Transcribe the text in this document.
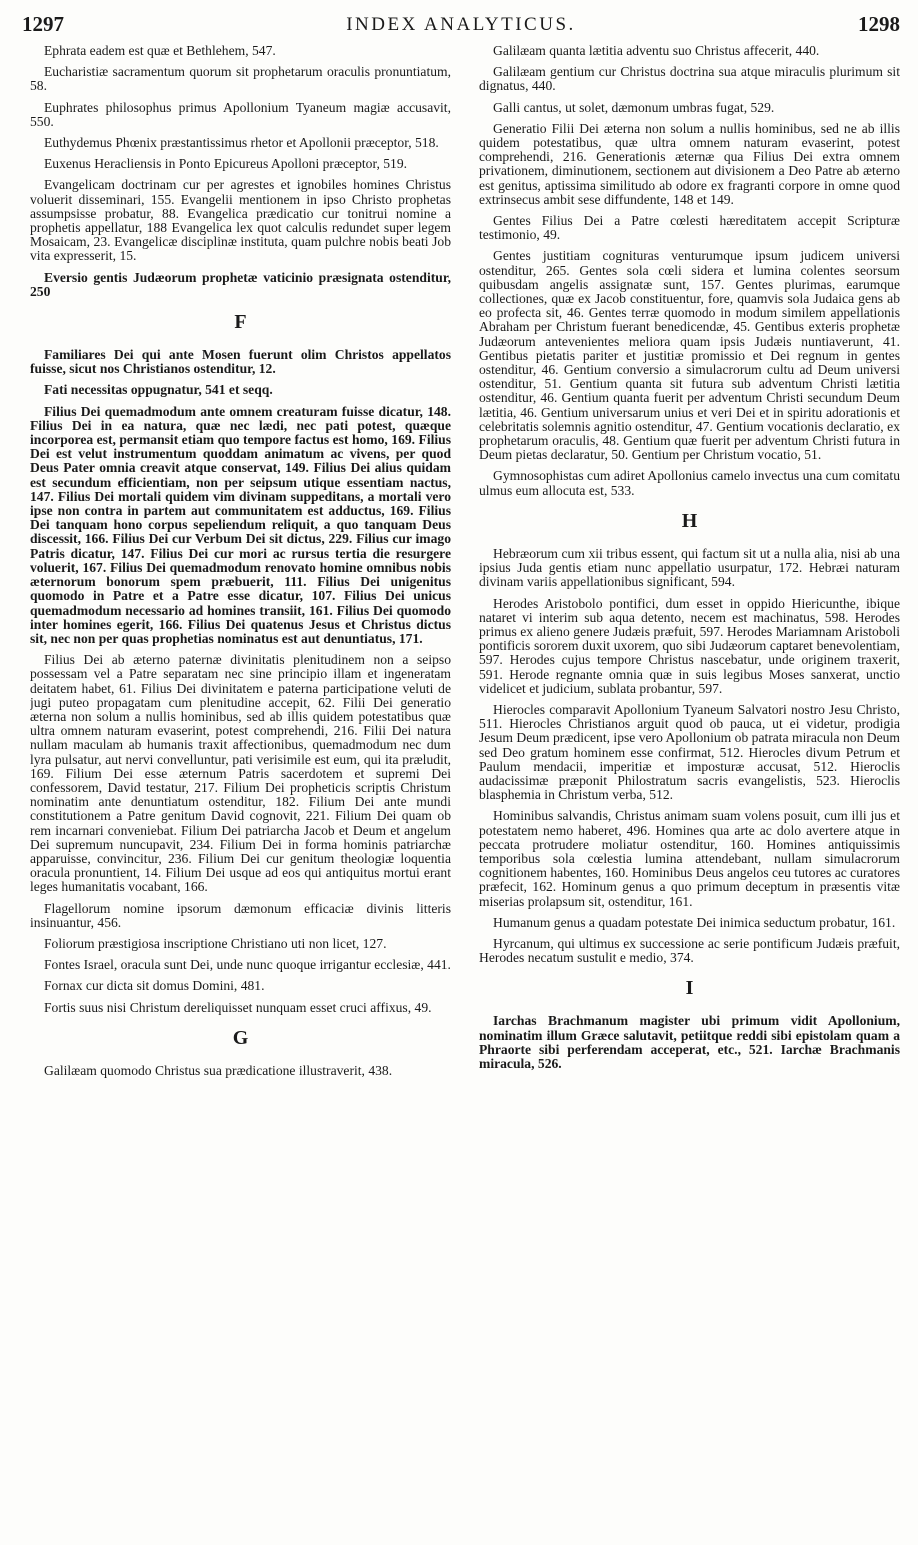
1297	INDEX ANALYTICUS.	1298

Ephrata eadem est quæ et Bethlehem, 547.

Eucharistiæ sacramentum quorum sit prophetarum oraculis pronuntiatum, 58.

Euphrates philosophus primus Apollonium Tyaneum magiæ accusavit, 550.

Euthydemus Phœnix præstantissimus rhetor et Apollonii præceptor, 518.

Euxenus Heracliensis in Ponto Epicureus Apolloni præceptor, 519.

Evangelicam doctrinam cur per agrestes et ignobiles homines Christus voluerit disseminari, 155. Evangelii mentionem in ipso Christo prophetas assumpsisse probatur, 88. Evangelica prædicatio cur tonitrui nomine a prophetis appellatur, 188 Evangelica lex quot calculis redundet super legem Mosaicam, 23. Evangelicæ disciplinæ instituta, quam pulchre nobis beati Job vita expresserit, 15.

Eversio gentis Judæorum prophetæ vaticinio præsignata ostenditur, 250

F

Familiares Dei qui ante Mosen fuerunt olim Christos appellatos fuisse, sicut nos Christianos ostenditur, 12.

Fati necessitas oppugnatur, 541 et seqq.

Filius Dei quemadmodum ante omnem creaturam fuisse dicatur, 148. Filius Dei in ea natura, quæ nec lædi, nec pati potest, quæque incorporea est, permansit etiam quo tempore factus est homo, 169. Filius Dei est velut instrumentum quoddam animatum ac vivens, per quod Deus Pater omnia creavit atque conservat, 149. Filius Dei alius quidam est secundum efficientiam, non per seipsum utique essentiam nactus, 147. Filius Dei mortali quidem vim divinam suppeditans, a mortali vero ipse non contra in partem aut communitatem est adductus, 169. Filius Dei tanquam hono corpus sepeliendum reliquit, a quo tanquam Deus discessit, 166. Filius Dei cur Verbum Dei sit dictus, 229. Filius cur imago Patris dicatur, 147. Filius Dei cur mori ac rursus tertia die resurgere voluerit, 167. Filius Dei quemadmodum renovato homine omnibus nobis æternorum bonorum spem præbuerit, 111. Filius Dei unigenitus quomodo in Patre et a Patre esse dicatur, 107. Filius Dei unicus quemadmodum necessario ad homines transiit, 161. Filius Dei quomodo inter homines egerit, 166. Filius Dei quatenus Jesus et Christus dictus sit, nec non per quas prophetias nominatus est aut denuntiatus, 171.

Filius Dei ab æterno paternæ divinitatis plenitudinem non a seipso possessam vel a Patre separatam nec sine principio illam et ingeneratam deitatem habet, 61. Filius Dei divinitatem e paterna participatione veluti de jugi puteo propagatam cum plenitudine accepit, 62. Filii Dei generatio æterna non solum a nullis hominibus, sed ab illis quidem potestatibus quæ ultra omnem naturam evaserint, potest comprehendi, 216. Filii Dei natura nullam maculam ab humanis traxit affectionibus, quemadmodum nec dum lyra pulsatur, aut nervi convelluntur, pati verisimile est eum, qui ita præludit, 169. Filium Dei esse æternum Patris sacerdotem et supremi Dei confessorem, David testatur, 217. Filium Dei propheticis scriptis Christum nominatim ante denuntiatum ostenditur, 182. Filium Dei ante mundi constitutionem a Patre genitum David cognovit, 221. Filium Dei quam ob rem incarnari conveniebat. Filium Dei patriarcha Jacob et Deum et angelum Dei supremum nuncupavit, 234. Filium Dei in forma hominis patriarchæ apparuisse, convincitur, 236. Filium Dei cur genitum theologiæ loquentia oracula pronuntient, 14. Filium Dei usque ad eos qui antiquitus mortui erant leges humanitatis vocabant, 166.

Flagellorum nomine ipsorum dæmonum efficaciæ divinis litteris insinuantur, 456.

Foliorum præstigiosa inscriptione Christiano uti non licet, 127.

Fontes Israel, oracula sunt Dei, unde nunc quoque irrigantur ecclesiæ, 441.

Fornax cur dicta sit domus Domini, 481.

Fortis suus nisi Christum dereliquisset nunquam esset cruci affixus, 49.

G

Galilæam quomodo Christus sua prædicatione illustraverit, 438.

Galilæam quanta lætitia adventu suo Christus affecerit, 440.

Galilæam gentium cur Christus doctrina sua atque miraculis plurimum sit dignatus, 440.

Galli cantus, ut solet, dæmonum umbras fugat, 529.

Generatio Filii Dei æterna non solum a nullis hominibus, sed ne ab illis quidem potestatibus, quæ ultra omnem naturam evaserint, potest comprehendi, 216. Generationis æternæ qua Filius Dei extra omnem privationem, diminutionem, sectionem aut divisionem a Deo Patre ab æterno est genitus, aptissima similitudo ab odore ex fragranti corpore in omne quod extrinsecus ambit sese diffundente, 148 et 149.

Gentes Filius Dei a Patre cœlesti hæreditatem accepit Scripturæ testimonio, 49.

Gentes justitiam cognituras venturumque ipsum judicem universi ostenditur, 265. Gentes sola cœli sidera et lumina colentes seorsum quibusdam angelis assignatæ sunt, 157. Gentes plurimas, earumque collectiones, quæ ex Jacob constituentur, fore, quamvis sola Judaica gens ab eo profecta sit, 46. Gentes terræ quomodo in modum similem appellationis Abraham per Christum fuerant benedicendæ, 45. Gentibus exteris prophetæ Judæorum antevenientes meliora quam ipsis Judæis nuntiaverunt, 41. Gentibus pietatis pariter et justitiæ promissio et Dei regnum in gentes ostenditur, 46. Gentium conversio a simulacrorum cultu ad Deum universi ostenditur, 51. Gentium quanta sit futura sub adventum Christi lætitia ostenditur, 46. Gentium quanta fuerit per adventum Christi secundum Deum lætitia, 46. Gentium universarum unius et veri Dei et in spiritu adorationis et celebritatis solemnis agnitio ostenditur, 47. Gentium vocationis declaratio, ex prophetarum oraculis, 48. Gentium quæ fuerit per adventum Christi futura in Deum pietas declaratur, 50. Gentium per Christum vocatio, 51.

Gymnosophistas cum adiret Apollonius camelo invectus una cum comitatu ulmus eum allocuta est, 533.

H

Hebræorum cum xii tribus essent, qui factum sit ut a nulla alia, nisi ab una ipsius Juda gentis etiam nunc appellatio usurpatur, 172. Hebræi naturam divinam variis appellationibus significant, 594.

Herodes Aristobolo pontifici, dum esset in oppido Hiericunthe, ibique nataret vi interim sub aqua detento, necem est machinatus, 598. Herodes primus ex alieno genere Judæis præfuit, 597. Herodes Mariamnam Aristoboli pontificis sororem duxit uxorem, quo sibi Judæorum captaret benevolentiam, 597. Herodes cujus tempore Christus nascebatur, unde originem traxerit, 591. Herode regnante omnia quæ in suis legibus Moses sanxerat, unctio videlicet et judicium, sublata probantur, 597.

Hierocles comparavit Apollonium Tyaneum Salvatori nostro Jesu Christo, 511. Hierocles Christianos arguit quod ob pauca, ut ei videtur, prodigia Jesum Deum prædicent, ipse vero Apollonium ob patrata miracula non Deum sed Deo gratum hominem esse confirmat, 512. Hierocles divum Petrum et Paulum mendacii, imperitiæ et imposturæ accusat, 512. Hieroclis audacissimæ præponit Philostratum sacris evangelistis, 523. Hieroclis blasphemia in Christum verba, 512.

Hominibus salvandis, Christus animam suam volens posuit, cum illi jus et potestatem nemo haberet, 496. Homines qua arte ac dolo avertere atque in peccata protrudere moliatur ostenditur, 160. Homines antiquissimis temporibus sola cœlestia lumina attendebant, nullam simulacrorum cognitionem habentes, 160. Hominibus Deus angelos ceu tutores ac curatores præfecit, 162. Hominum genus a quo primum deceptum in præsentis vitæ miserias prolapsum sit, ostenditur, 161.

Humanum genus a quadam potestate Dei inimica seductum probatur, 161.

Hyrcanum, qui ultimus ex successione ac serie pontificum Judæis præfuit, Herodes necatum sustulit e medio, 374.

I

Iarchas Brachmanum magister ubi primum vidit Apollonium, nominatim illum Græce salutavit, petiitque reddi sibi epistolam quam a Phraorte sibi perferendam acceperat, etc., 521. Iarchæ Brachmanis miracula, 526.
